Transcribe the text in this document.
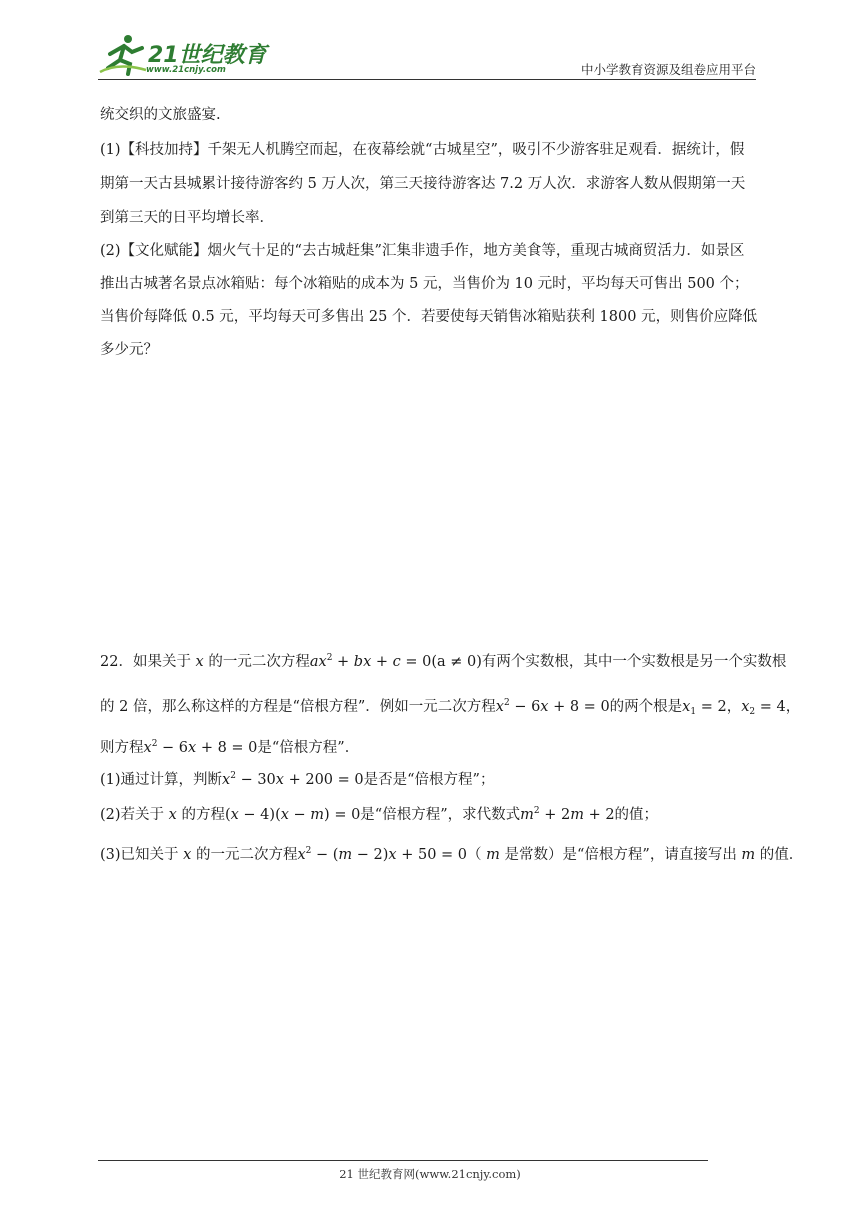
21世纪教育
www.21cnjy.com	中小学教育资源及组卷应用平台
统交织的文旅盛宴.
(1)【科技加持】千架无人机腾空而起，在夜幕绘就“古城星空”，吸引不少游客驻足观看．据统计，假
期第一天古县城累计接待游客约 5 万人次，第三天接待游客达 7.2 万人次．求游客人数从假期第一天
到第三天的日平均增长率．
(2)【文化赋能】烟火气十足的“去古城赶集”汇集非遗手作，地方美食等，重现古城商贸活力．如景区
推出古城著名景点冰箱贴：每个冰箱贴的成本为 5 元，当售价为 10 元时，平均每天可售出 500 个；
当售价每降低 0.5 元，平均每天可多售出 25 个．若要使每天销售冰箱贴获利 1800 元，则售价应降低
多少元？
22．如果关于 x 的一元二次方程$ax^2$ + bx + c = 0(a ≠ 0)有两个实数根，其中一个实数根是另一个实数根
的 2 倍，那么称这样的方程是“倍根方程”．例如一元二次方程$x^2 - 6x + 8 = 0$的两个根是$x_1 = 2$，$x_2 = 4$，
则方程$x^2 - 6x + 8 = 0$是“倍根方程”．
(1)通过计算，判断$x^2 - 30x + 200 = 0$是否是“倍根方程”；
(2)若关于 x 的方程(x − 4)(x − m) = 0是“倍根方程”，求代数式$m^2 + 2m + 2$的值；
(3)已知关于 x 的一元二次方程$x^2 - (m - 2)x + 50 = 0$（ m 是常数）是“倍根方程”，请直接写出 m 的值．
21 世纪教育网(www.21cnjy.com)
